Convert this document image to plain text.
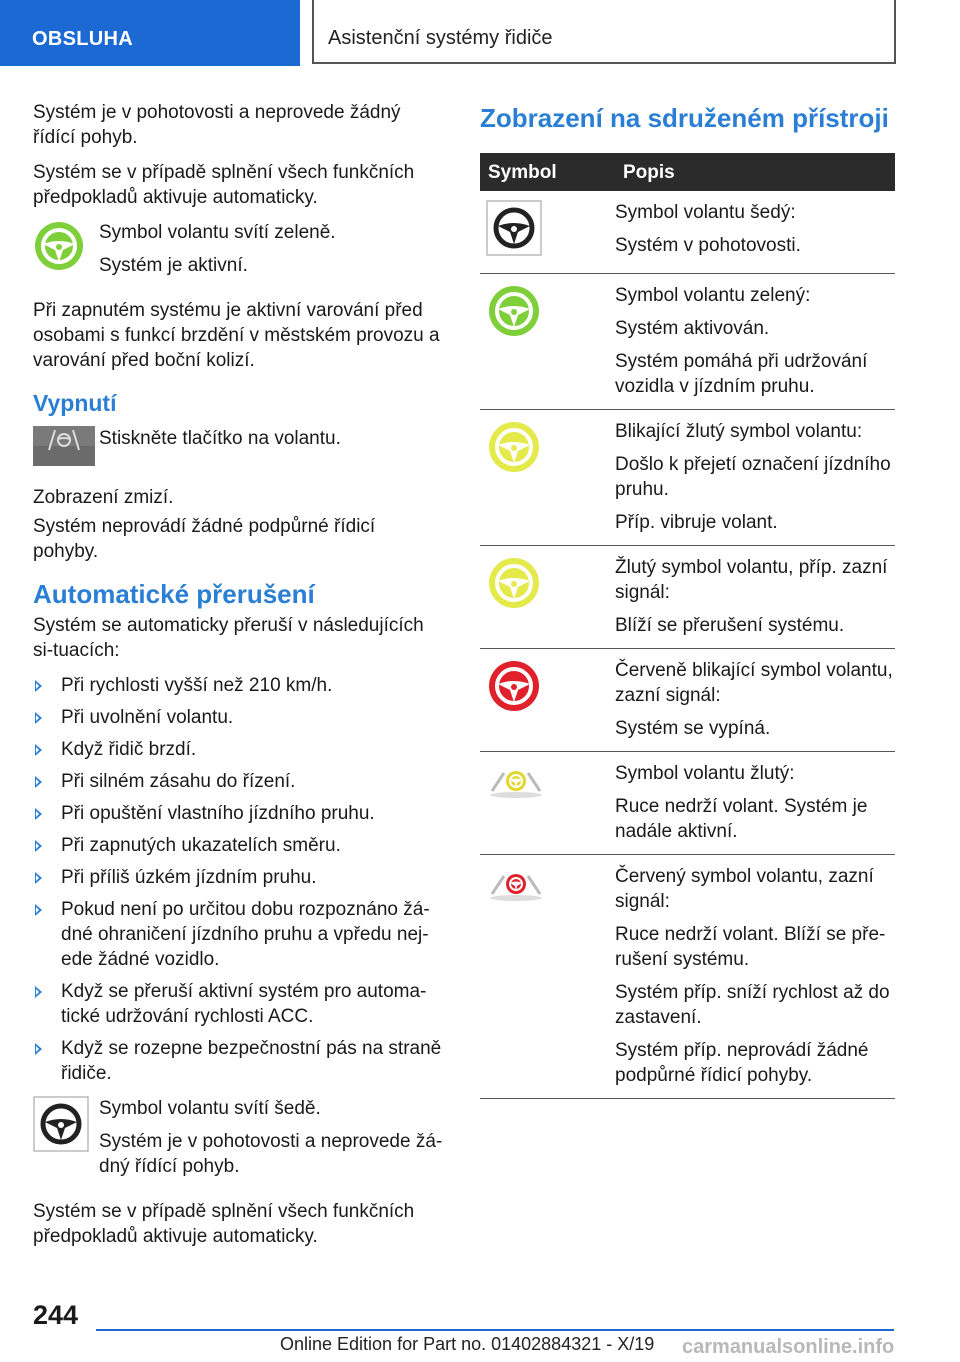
OBSLUHA	Asistenční systémy řidiče

Systém je v pohotovosti a neprovede žádný řídící pohyb.

Systém se v případě splnění všech funkčních předpokladů aktivuje automaticky.

Symbol volantu svítí zeleně.
Systém je aktivní.

Při zapnutém systému je aktivní varování před osobami s funkcí brzdění v městském provozu a varování před boční kolizí.

Vypnutí
Stiskněte tlačítko na volantu.

Zobrazení zmizí.

Systém neprovádí žádné podpůrné řídicí pohyby.

Automatické přerušení

Systém se automaticky přeruší v následujících si-tuacích:

Při rychlosti vyšší než 210 km/h.
Při uvolnění volantu.
Když řidič brzdí.
Při silném zásahu do řízení.
Při opuštění vlastního jízdního pruhu.
Při zapnutých ukazatelích směru.
Při příliš úzkém jízdním pruhu.
Pokud není po určitou dobu rozpoznáno žá-dné ohraničení jízdního pruhu a vpředu nej-ede žádné vozidlo.
Když se přeruší aktivní systém pro automa-tické udržování rychlosti ACC.
Když se rozepne bezpečnostní pás na straně řidiče.
Symbol volantu svítí šedě.
Systém je v pohotovosti a neprovede žá-dný řídící pohyb.

Systém se v případě splnění všech funkčních předpokladů aktivuje automaticky.

Zobrazení na sdruženém přístroji
Symbol	Popis

Symbol volantu šedý:
Systém v pohotovosti.

Symbol volantu zelený:
Systém aktivován.
Systém pomáhá při udržování vozidla v jízdním pruhu.

Blikající žlutý symbol volantu:
Došlo k přejetí označení jízdního pruhu.
Příp. vibruje volant.

Žlutý symbol volantu, příp. zazní signál:
Blíží se přerušení systému.

Červeně blikající symbol volantu, zazní signál:
Systém se vypíná.

Symbol volantu žlutý:
Ruce nedrží volant. Systém je nadále aktivní.

Červený symbol volantu, zazní signál:
Ruce nedrží volant. Blíží se pře-rušení systému.
Systém příp. sníží rychlost až do zastavení.
Systém příp. neprovádí žádné podpůrné řídicí pohyby.
244
Online Edition for Part no. 01402884321 - X/19 carmanualsonline.info
